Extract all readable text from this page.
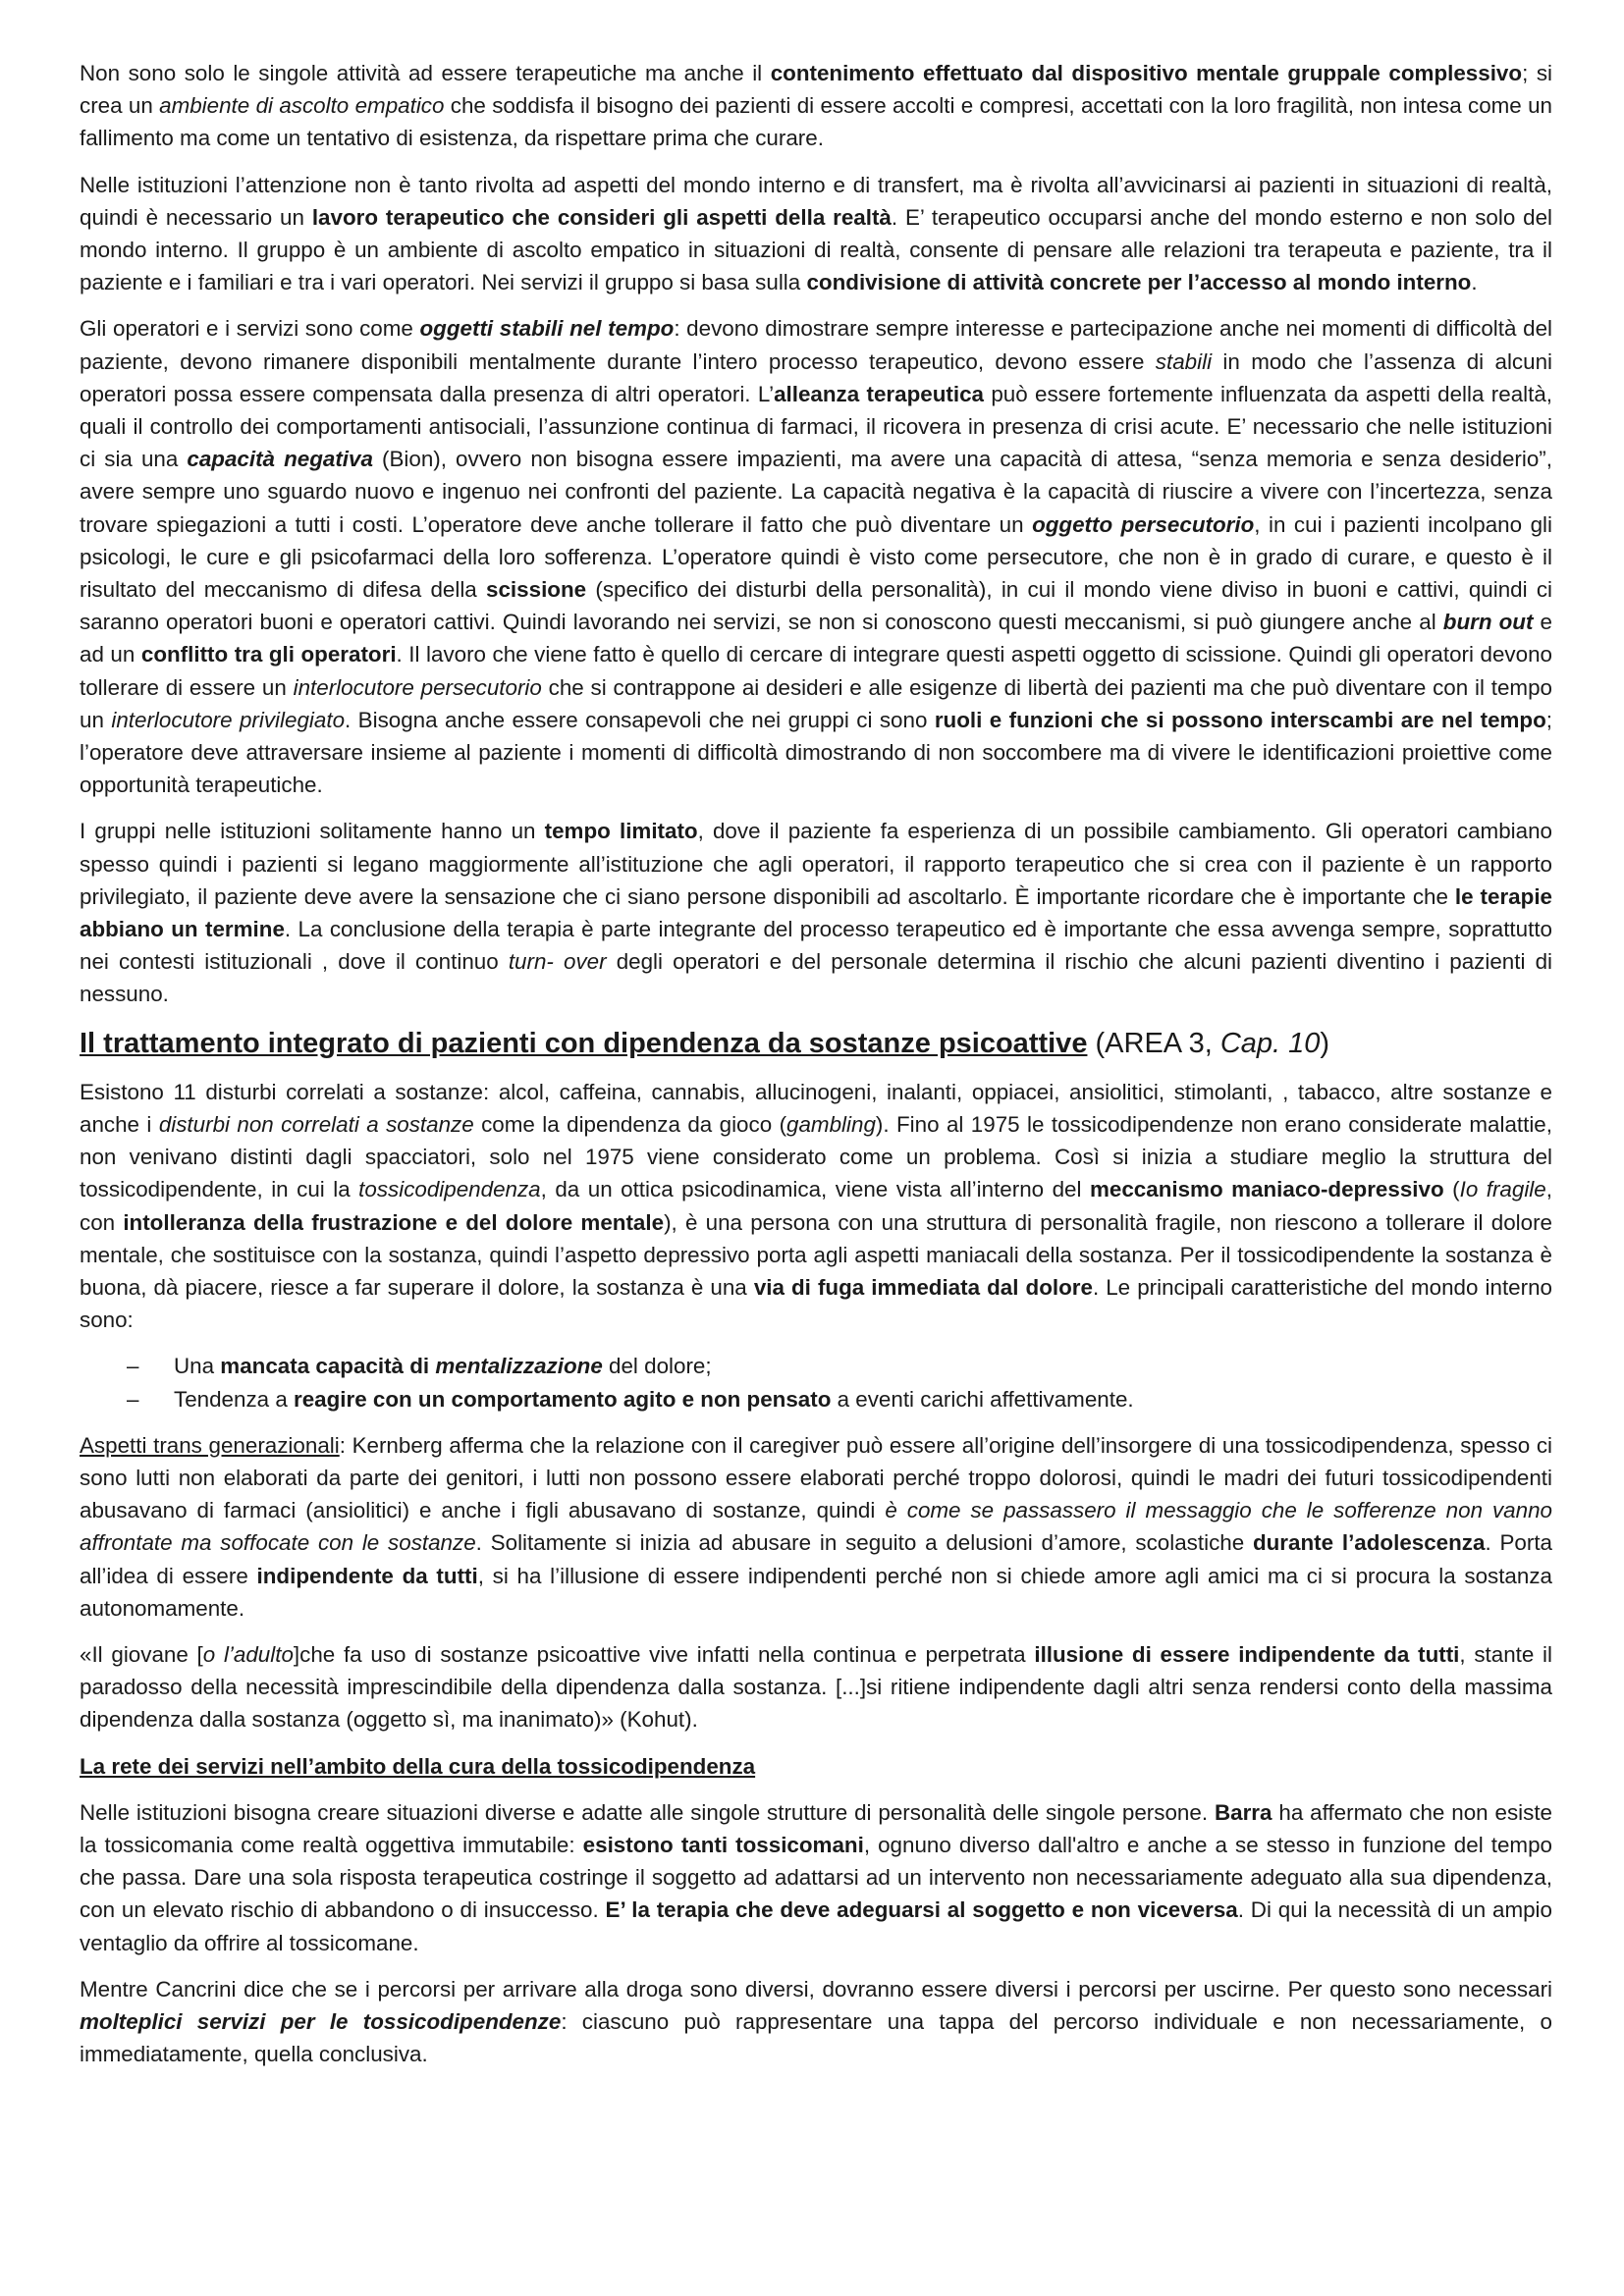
Non sono solo le singole attività ad essere terapeutiche ma anche il contenimento effettuato dal dispositivo mentale gruppale complessivo; si crea un ambiente di ascolto empatico che soddisfa il bisogno dei pazienti di essere accolti e compresi, accettati con la loro fragilità, non intesa come un fallimento ma come un tentativo di esistenza, da rispettare prima che curare.

Nelle istituzioni l’attenzione non è tanto rivolta ad aspetti del mondo interno e di transfert, ma è rivolta all’avvicinarsi ai pazienti in situazioni di realtà, quindi è necessario un lavoro terapeutico che consideri gli aspetti della realtà. E’ terapeutico occuparsi anche del mondo esterno e non solo del mondo interno. Il gruppo è un ambiente di ascolto empatico in situazioni di realtà, consente di pensare alle relazioni tra terapeuta e paziente, tra il paziente e i familiari e tra i vari operatori. Nei servizi il gruppo si basa sulla condivisione di attività concrete per l’accesso al mondo interno.

Gli operatori e i servizi sono come oggetti stabili nel tempo: devono dimostrare sempre interesse e partecipazione anche nei momenti di difficoltà del paziente, devono rimanere disponibili mentalmente durante l’intero processo terapeutico, devono essere stabili in modo che l’assenza di alcuni operatori possa essere compensata dalla presenza di altri operatori. L’alleanza terapeutica può essere fortemente influenzata da aspetti della realtà, quali il controllo dei comportamenti antisociali, l’assunzione continua di farmaci, il ricovera in presenza di crisi acute. E’ necessario che nelle istituzioni ci sia una capacità negativa (Bion), ovvero non bisogna essere impazienti, ma avere una capacità di attesa, “senza memoria e senza desiderio”, avere sempre uno sguardo nuovo e ingenuo nei confronti del paziente. La capacità negativa è la capacità di riuscire a vivere con l’incertezza, senza trovare spiegazioni a tutti i costi. L’operatore deve anche tollerare il fatto che può diventare un oggetto persecutorio, in cui i pazienti incolpano gli psicologi, le cure e gli psicofarmaci della loro sofferenza. L’operatore quindi è visto come persecutore, che non è in grado di curare, e questo è il risultato del meccanismo di difesa della scissione (specifico dei disturbi della personalità), in cui il mondo viene diviso in buoni e cattivi, quindi ci saranno operatori buoni e operatori cattivi. Quindi lavorando nei servizi, se non si conoscono questi meccanismi, si può giungere anche al burn out e ad un conflitto tra gli operatori. Il lavoro che viene fatto è quello di cercare di integrare questi aspetti oggetto di scissione. Quindi gli operatori devono tollerare di essere un interlocutore persecutorio che si contrappone ai desideri e alle esigenze di libertà dei pazienti ma che può diventare con il tempo un interlocutore privilegiato. Bisogna anche essere consapevoli che nei gruppi ci sono ruoli e funzioni che si possono interscambi are nel tempo; l’operatore deve attraversare insieme al paziente i momenti di difficoltà dimostrando di non soccombere ma di vivere le identificazioni proiettive come opportunità terapeutiche.

I gruppi nelle istituzioni solitamente hanno un tempo limitato, dove il paziente fa esperienza di un possibile cambiamento. Gli operatori cambiano spesso quindi i pazienti si legano maggiormente all’istituzione che agli operatori, il rapporto terapeutico che si crea con il paziente è un rapporto privilegiato, il paziente deve avere la sensazione che ci siano persone disponibili ad ascoltarlo. È importante ricordare che è importante che le terapie abbiano un termine. La conclusione della terapia è parte integrante del processo terapeutico ed è importante che essa avvenga sempre, soprattutto nei contesti istituzionali , dove il continuo turn- over degli operatori e del personale determina il rischio che alcuni pazienti diventino i pazienti di nessuno.

Il trattamento integrato di pazienti con dipendenza da sostanze psicoattive (AREA 3, Cap. 10)

Esistono 11 disturbi correlati a sostanze: alcol, caffeina, cannabis, allucinogeni, inalanti, oppiacei, ansiolitici, stimolanti, , tabacco, altre sostanze e anche i disturbi non correlati a sostanze come la dipendenza da gioco (gambling). Fino al 1975 le tossicodipendenze non erano considerate malattie, non venivano distinti dagli spacciatori, solo nel 1975 viene considerato come un problema. Così si inizia a studiare meglio la struttura del tossicodipendente, in cui la tossicodipendenza, da un ottica psicodinamica, viene vista all’interno del meccanismo maniaco-depressivo (Io fragile, con intolleranza della frustrazione e del dolore mentale), è una persona con una struttura di personalità fragile, non riescono a tollerare il dolore mentale, che sostituisce con la sostanza, quindi l’aspetto depressivo porta agli aspetti maniacali della sostanza. Per il tossicodipendente la sostanza è buona, dà piacere, riesce a far superare il dolore, la sostanza è una via di fuga immediata dal dolore. Le principali caratteristiche del mondo interno sono:

– Una mancata capacità di mentalizzazione del dolore;
– Tendenza a reagire con un comportamento agito e non pensato a eventi carichi affettivamente.

Aspetti trans generazionali: Kernberg afferma che la relazione con il caregiver può essere all’origine dell’insorgere di una tossicodipendenza, spesso ci sono lutti non elaborati da parte dei genitori, i lutti non possono essere elaborati perché troppo dolorosi, quindi le madri dei futuri tossicodipendenti abusavano di farmaci (ansiolitici) e anche i figli abusavano di sostanze, quindi è come se passassero il messaggio che le sofferenze non vanno affrontate ma soffocate con le sostanze. Solitamente si inizia ad abusare in seguito a delusioni d’amore, scolastiche durante l’adolescenza. Porta all’idea di essere indipendente da tutti, si ha l’illusione di essere indipendenti perché non si chiede amore agli amici ma ci si procura la sostanza autonomamente.

«Il giovane [o l’adulto]che fa uso di sostanze psicoattive vive infatti nella continua e perpetrata illusione di essere indipendente da tutti, stante il paradosso della necessità imprescindibile della dipendenza dalla sostanza. [...]si ritiene indipendente dagli altri senza rendersi conto della massima dipendenza dalla sostanza (oggetto sì, ma inanimato)» (Kohut).

La rete dei servizi nell’ambito della cura della tossicodipendenza

Nelle istituzioni bisogna creare situazioni diverse e adatte alle singole strutture di personalità delle singole persone. Barra ha affermato che non esiste la tossicomania come realtà oggettiva immutabile: esistono tanti tossicomani, ognuno diverso dall'altro e anche a se stesso in funzione del tempo che passa. Dare una sola risposta terapeutica costringe il soggetto ad adattarsi ad un intervento non necessariamente adeguato alla sua dipendenza, con un elevato rischio di abbandono o di insuccesso. E’ la terapia che deve adeguarsi al soggetto e non viceversa. Di qui la necessità di un ampio ventaglio da offrire al tossicomane.

Mentre Cancrini dice che se i percorsi per arrivare alla droga sono diversi, dovranno essere diversi i percorsi per uscirne. Per questo sono necessari molteplici servizi per le tossicodipendenze: ciascuno può rappresentare una tappa del percorso individuale e non necessariamente, o immediatamente, quella conclusiva.
